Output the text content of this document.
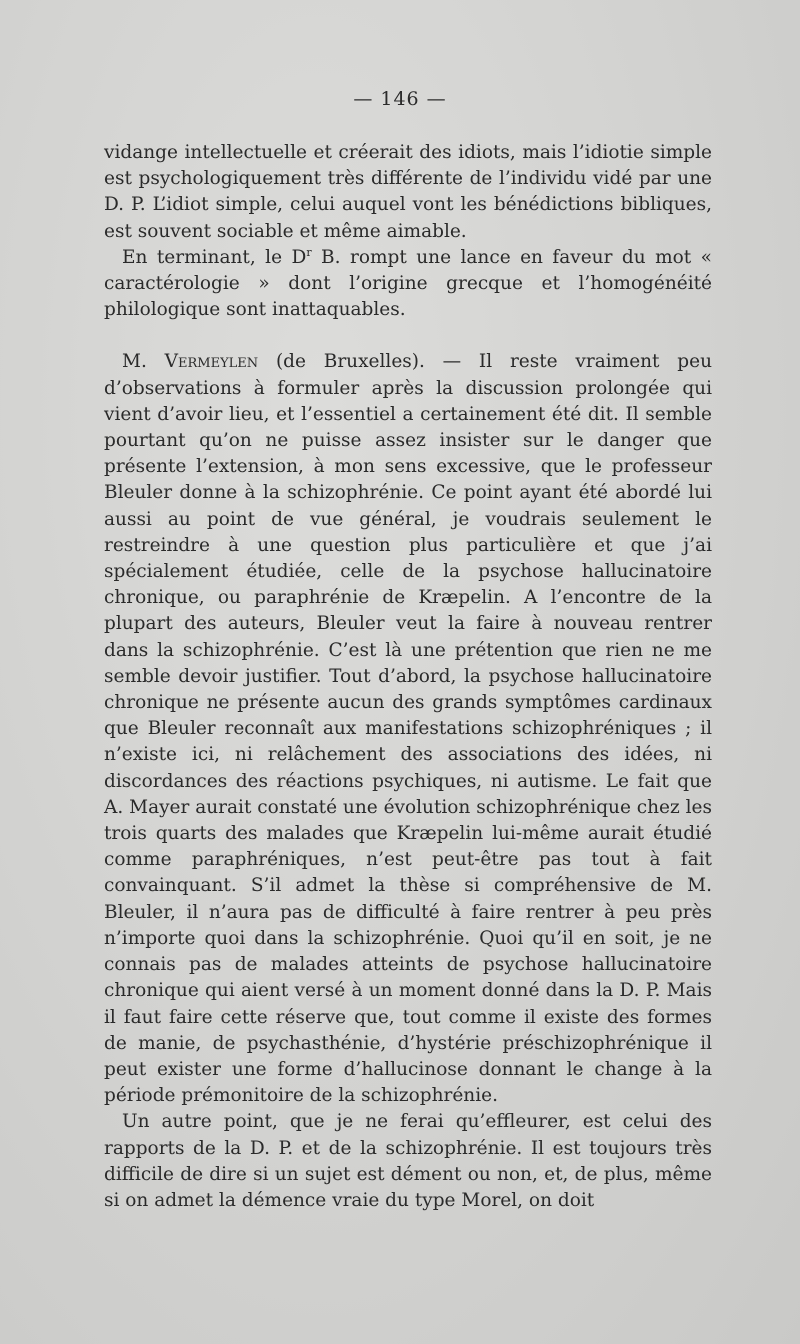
— 146 —

vidange intellectuelle et créerait des idiots, mais l’idiotie simple est psychologiquement très différente de l’individu vidé par une D. P. L’idiot simple, celui auquel vont les bénédictions bibliques, est souvent sociable et même aimable.

En terminant, le $D^r$ B. rompt une lance en faveur du mot « caractérologie » dont l’origine grecque et l’homogénéité philologique sont inattaquables.

M. Vermeylen (de Bruxelles). — Il reste vraiment peu d’observations à formuler après la discussion prolongée qui vient d’avoir lieu, et l’essentiel a certainement été dit. Il semble pourtant qu’on ne puisse assez insister sur le danger que présente l’extension, à mon sens excessive, que le professeur Bleuler donne à la schizophrénie. Ce point ayant été abordé lui aussi au point de vue général, je voudrais seulement le restreindre à une question plus particulière et que j’ai spécialement étudiée, celle de la psychose hallucinatoire chronique, ou paraphrénie de Kræpelin. A l’encontre de la plupart des auteurs, Bleuler veut la faire à nouveau rentrer dans la schizophrénie. C’est là une prétention que rien ne me semble devoir justifier. Tout d’abord, la psychose hallucinatoire chronique ne présente aucun des grands symptômes cardinaux que Bleuler reconnaît aux manifestations schizophréniques ; il n’existe ici, ni relâchement des associations des idées, ni discordances des réactions psychiques, ni autisme. Le fait que A. Mayer aurait constaté une évolution schizophrénique chez les trois quarts des malades que Kræpelin lui-même aurait étudié comme paraphréniques, n’est peut-être pas tout à fait convainquant. S’il admet la thèse si compréhensive de M. Bleuler, il n’aura pas de difficulté à faire rentrer à peu près n’importe quoi dans la schizophrénie. Quoi qu’il en soit, je ne connais pas de malades atteints de psychose hallucinatoire chronique qui aient versé à un moment donné dans la D. P. Mais il faut faire cette réserve que, tout comme il existe des formes de manie, de psychasthénie, d’hystérie préschizophrénique il peut exister une forme d’hallucinose donnant le change à la période prémonitoire de la schizophrénie.

Un autre point, que je ne ferai qu’effleurer, est celui des rapports de la D. P. et de la schizophrénie. Il est toujours très difficile de dire si un sujet est dément ou non, et, de plus, même si on admet la démence vraie du type Morel, on doit
